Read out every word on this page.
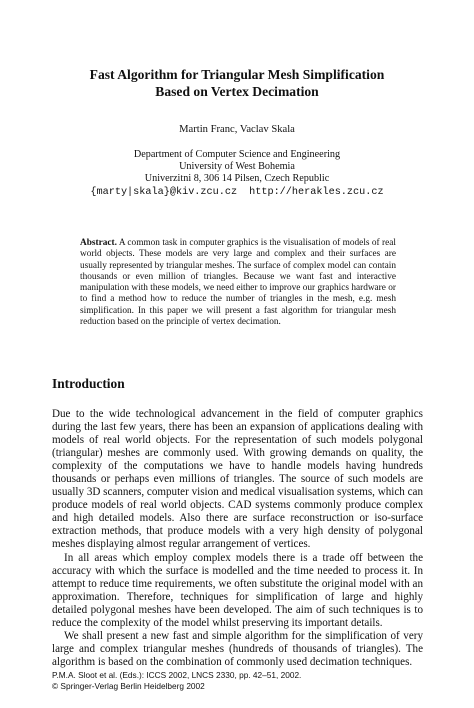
Fast Algorithm for Triangular Mesh Simplification
Based on Vertex Decimation
Martin Franc, Vaclav Skala
Department of Computer Science and Engineering
University of West Bohemia
Univerzitni 8, 306 14 Pilsen, Czech Republic
{marty|skala}@kiv.zcu.cz http://herakles.zcu.cz
Abstract. A common task in computer graphics is the visualisation of models of real world objects. These models are very large and complex and their surfaces are usually represented by triangular meshes. The surface of complex model can contain thousands or even million of triangles. Because we want fast and interactive manipulation with these models, we need either to improve our graphics hardware or to find a method how to reduce the number of triangles in the mesh, e.g. mesh simplification. In this paper we will present a fast algorithm for triangular mesh reduction based on the principle of vertex decimation.
Introduction

Due to the wide technological advancement in the field of computer graphics during the last few years, there has been an expansion of applications dealing with models of real world objects. For the representation of such models polygonal (triangular) meshes are commonly used. With growing demands on quality, the complexity of the computations we have to handle models having hundreds thousands or perhaps even millions of triangles. The source of such models are usually 3D scanners, computer vision and medical visualisation systems, which can produce models of real world objects. CAD systems commonly produce complex and high detailed models. Also there are surface reconstruction or iso-surface extraction methods, that produce models with a very high density of polygonal meshes displaying almost regular arrangement of vertices.

In all areas which employ complex models there is a trade off between the accuracy with which the surface is modelled and the time needed to process it. In attempt to reduce time requirements, we often substitute the original model with an approximation. Therefore, techniques for simplification of large and highly detailed polygonal meshes have been developed. The aim of such techniques is to reduce the complexity of the model whilst preserving its important details.

We shall present a new fast and simple algorithm for the simplification of very large and complex triangular meshes (hundreds of thousands of triangles). The algorithm is based on the combination of commonly used decimation techniques.

P.M.A. Sloot et al. (Eds.): ICCS 2002, LNCS 2330, pp. 42–51, 2002.
© Springer-Verlag Berlin Heidelberg 2002
